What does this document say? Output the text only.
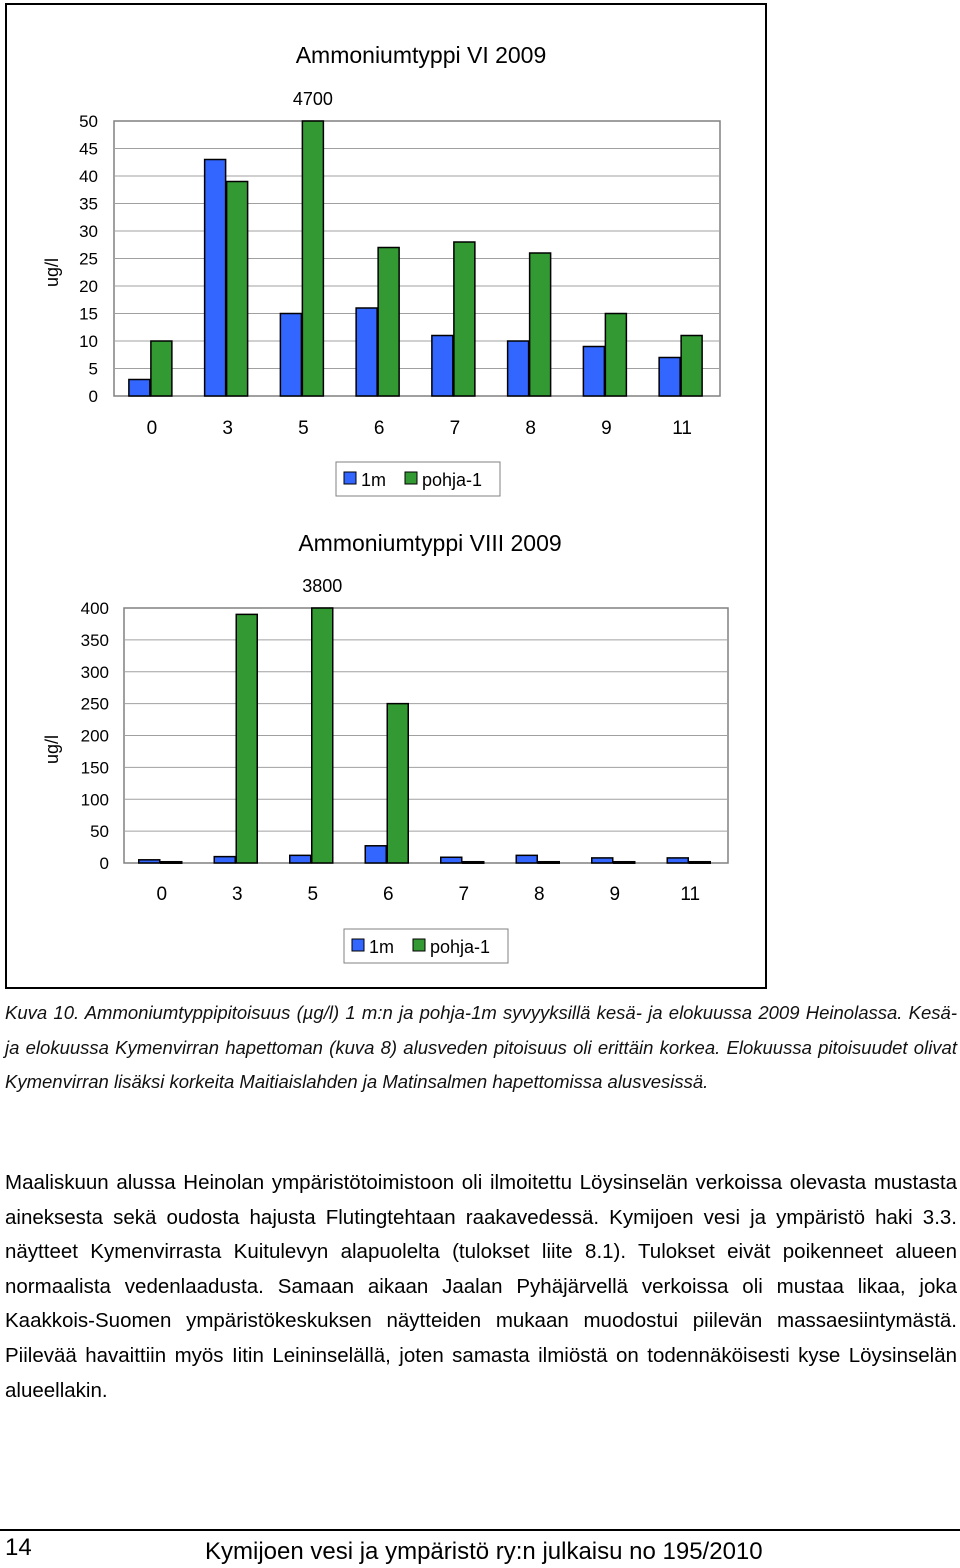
0
5
10
15
20
25
30
35
40
45
50
Ammoniumtyppi VI 2009
ug/l
0	3	5	6	7	8	9	11
4700
1m pohja-1
0
50
100
150
200
250
300
350
400
Ammoniumtyppi VIII 2009
ug/l
0	3	5	6	7	8	9	11
3800
1m pohja-1
Kuva 10. Ammoniumtyppipitoisuus (µg/l) 1 m:n ja pohja-1m syvyyksillä kesä- ja elokuussa 2009 Heinolassa. Kesä- ja elokuussa Kymenvirran hapettoman (kuva 8) alusveden pitoisuus oli erittäin korkea. Elokuussa pitoisuudet olivat Kymenvirran lisäksi korkeita Maitiaislahden ja Matinsalmen hapettomissa alusvesissä.
Maaliskuun alussa Heinolan ympäristötoimistoon oli ilmoitettu Löysinselän verkoissa olevasta mustasta aineksesta sekä oudosta hajusta Flutingtehtaan raakavedessä. Kymijoen vesi ja ympäristö haki 3.3. näytteet Kymenvirrasta Kuitulevyn alapuolelta (tulokset liite 8.1). Tulokset eivät poikenneet alueen normaalista vedenlaadusta. Samaan aikaan Jaalan Pyhäjärvellä verkoissa oli mustaa likaa, joka Kaakkois-Suomen ympäristökeskuksen näytteiden mukaan muodostui piilevän massaesiintymästä. Piilevää havaittiin myös Iitin Leininselällä, joten samasta ilmiöstä on todennäköisesti kyse Löysinselän alueellakin.
14	Kymijoen vesi ja ympäristö ry:n julkaisu no 195/2010
